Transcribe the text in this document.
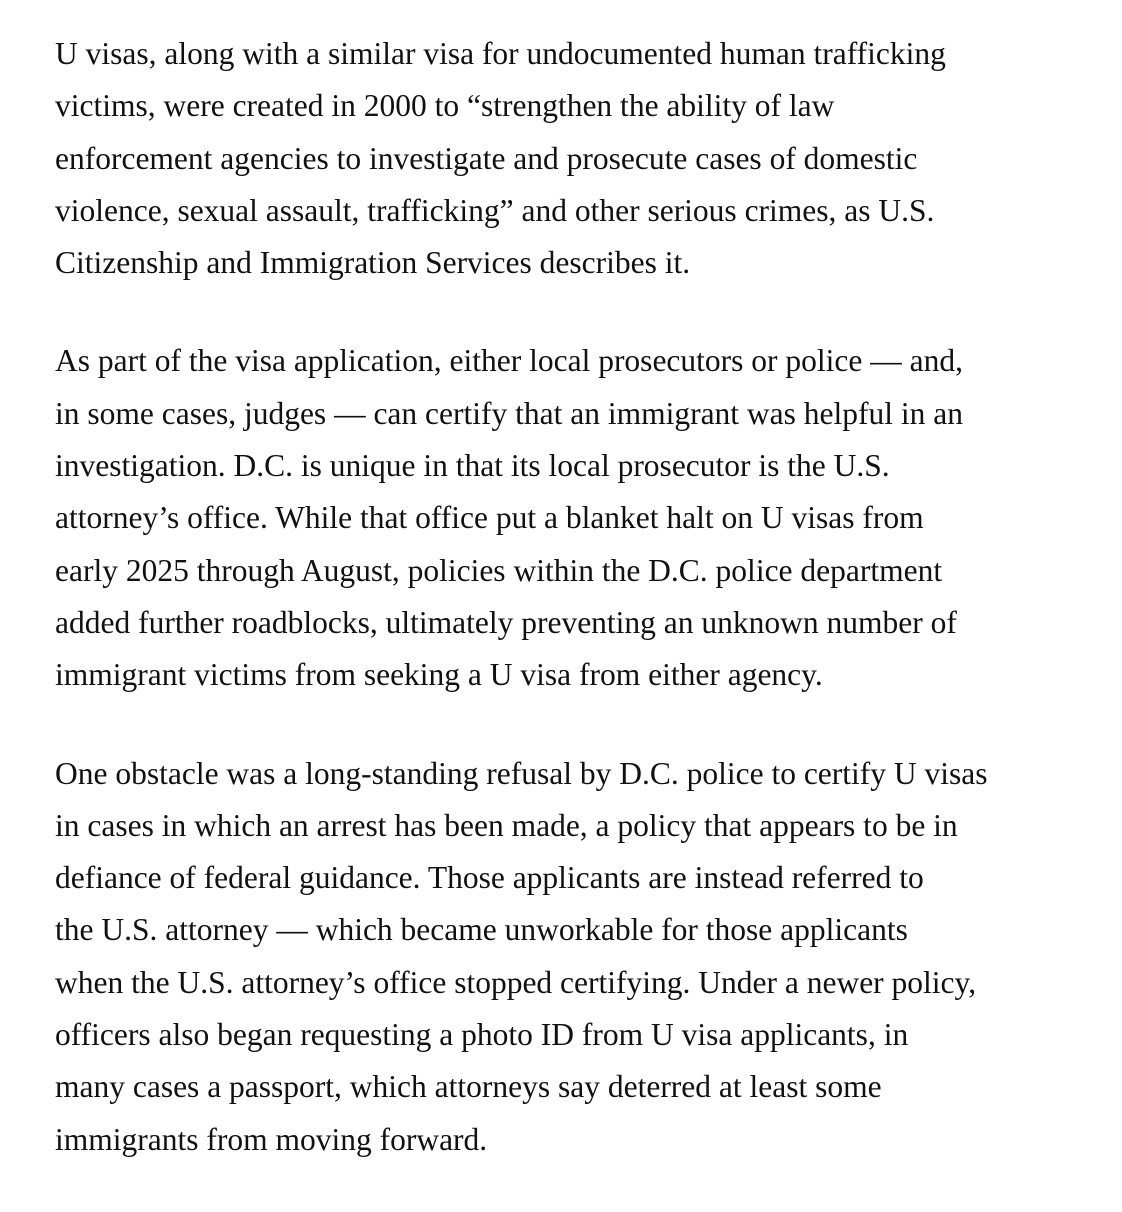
U visas, along with a similar visa for undocumented human trafficking
victims, were created in 2000 to “strengthen the ability of law
enforcement agencies to investigate and prosecute cases of domestic
violence, sexual assault, trafficking” and other serious crimes, as U.S.
Citizenship and Immigration Services describes it.

As part of the visa application, either local prosecutors or police — and,
in some cases, judges — can certify that an immigrant was helpful in an
investigation. D.C. is unique in that its local prosecutor is the U.S.
attorney’s office. While that office put a blanket halt on U visas from
early 2025 through August, policies within the D.C. police department
added further roadblocks, ultimately preventing an unknown number of
immigrant victims from seeking a U visa from either agency.

One obstacle was a long-standing refusal by D.C. police to certify U visas
in cases in which an arrest has been made, a policy that appears to be in
defiance of federal guidance. Those applicants are instead referred to
the U.S. attorney — which became unworkable for those applicants
when the U.S. attorney’s office stopped certifying. Under a newer policy,
officers also began requesting a photo ID from U visa applicants, in
many cases a passport, which attorneys say deterred at least some
immigrants from moving forward.
